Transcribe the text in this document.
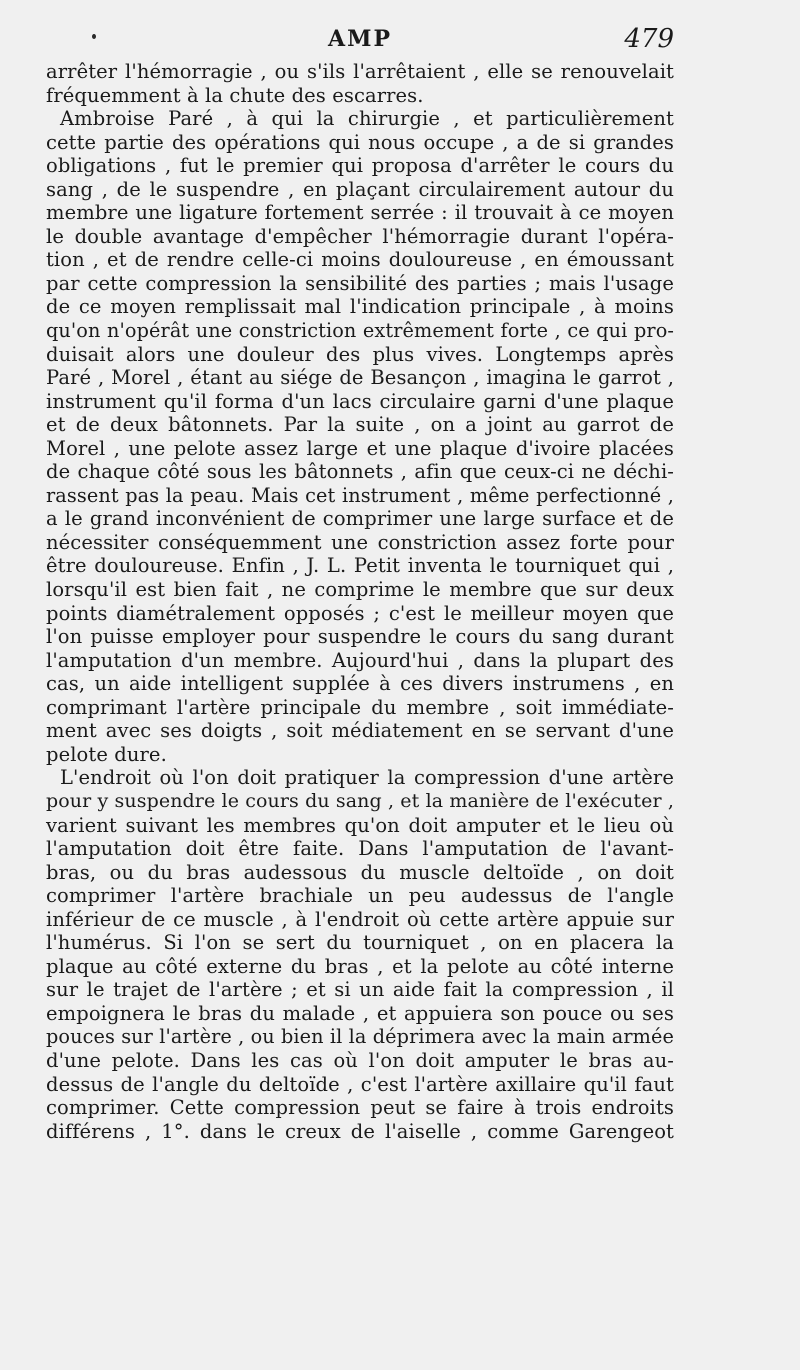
AMP	479
arrêter l'hémorragie , ou s'ils l'arrêtaient , elle se renouvelait
fréquemment à la chute des escarres.
Ambroise Paré , à qui la chirurgie , et particulièrement
cette partie des opérations qui nous occupe , a de si grandes
obligations , fut le premier qui proposa d'arrêter le cours du
sang , de le suspendre , en plaçant circulairement autour du
membre une ligature fortement serrée : il trouvait à ce moyen
le double avantage d'empêcher l'hémorragie durant l'opéra-
tion , et de rendre celle-ci moins douloureuse , en émoussant
par cette compression la sensibilité des parties ; mais l'usage
de ce moyen remplissait mal l'indication principale , à moins
qu'on n'opérât une constriction extrêmement forte , ce qui pro-
duisait alors une douleur des plus vives. Longtemps après
Paré , Morel , étant au siége de Besançon , imagina le garrot ,
instrument qu'il forma d'un lacs circulaire garni d'une plaque
et de deux bâtonnets. Par la suite , on a joint au garrot de
Morel , une pelote assez large et une plaque d'ivoire placées
de chaque côté sous les bâtonnets , afin que ceux-ci ne déchi-
rassent pas la peau. Mais cet instrument , même perfectionné ,
a le grand inconvénient de comprimer une large surface et de
nécessiter conséquemment une constriction assez forte pour
être douloureuse. Enfin , J. L. Petit inventa le tourniquet qui ,
lorsqu'il est bien fait , ne comprime le membre que sur deux
points diamétralement opposés ; c'est le meilleur moyen que
l'on puisse employer pour suspendre le cours du sang durant
l'amputation d'un membre. Aujourd'hui , dans la plupart des
cas, un aide intelligent supplée à ces divers instrumens , en
comprimant l'artère principale du membre , soit immédiate-
ment avec ses doigts , soit médiatement en se servant d'une
pelote dure.
L'endroit où l'on doit pratiquer la compression d'une artère
pour y suspendre le cours du sang , et la manière de l'exécuter ,
varient suivant les membres qu'on doit amputer et le lieu où
l'amputation doit être faite. Dans l'amputation de l'avant-
bras, ou du bras audessous du muscle deltoïde , on doit
comprimer l'artère brachiale un peu audessus de l'angle
inférieur de ce muscle , à l'endroit où cette artère appuie sur
l'humérus. Si l'on se sert du tourniquet , on en placera la
plaque au côté externe du bras , et la pelote au côté interne
sur le trajet de l'artère ; et si un aide fait la compression , il
empoignera le bras du malade , et appuiera son pouce ou ses
pouces sur l'artère , ou bien il la déprimera avec la main armée
d'une pelote. Dans les cas où l'on doit amputer le bras au-
dessus de l'angle du deltoïde , c'est l'artère axillaire qu'il faut
comprimer. Cette compression peut se faire à trois endroits
différens , 1°. dans le creux de l'aiselle , comme Garengeot
